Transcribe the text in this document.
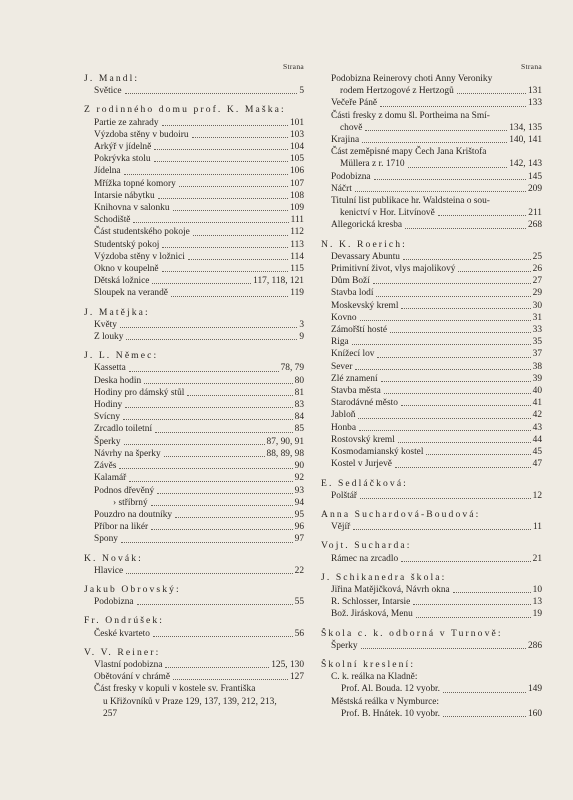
Strana
J. Mandl:
Světice	5
Z rodinného domu prof. K. Maška:
Partie ze zahrady	101
Výzdoba stěny v budoiru	103
Arkýř v jídelně	104
Pokrývka stolu	105
Jídelna	106
Mřížka topné komory	107
Intarsie nábytku	108
Knihovna v salonku	109
Schodiště	111
Část studentského pokoje	112
Studentský pokoj	113
Výzdoba stěny v ložnici	114
Okno v koupelně	115
Dětská ložnice	117, 118, 121
Sloupek na verandě	119
J. Matějka:
Květy	3
Z louky	9
J. L. Němec:
Kassetta	78, 79
Deska hodin	80
Hodiny pro dámský stůl	81
Hodiny	83
Svícny	84
Zrcadlo toiletní	85
Šperky	87, 90, 91
Návrhy na šperky	88, 89, 98
Závěs	90
Kalamář	92
Podnos dřevěný	93
› stříbrný	94
Pouzdro na doutníky	95
Příbor na likér	96
Spony	97
K. Novák:
Hlavice	22
Jakub Obrovský:
Podobizna	55
Fr. Ondrúšek:
České kvarteto	56
V. V. Reiner:
Vlastní podobizna	125, 130
Obětování v chrámě	127
Část fresky v kopuli v kostele sv. Františka
u Křižovníků v Praze 129, 137, 139, 212, 213,
257
Strana
Podobizna Reinerovy choti Anny Veroniky
rodem Hertzogové z Hertzogů	131
Večeře Páně	133
Části fresky z domu šl. Portheima na Smí-
chově	134, 135
Krajina	140, 141
Část zeměpisné mapy Čech Jana Krištofa
Müllera z r. 1710	142, 143
Podobizna	145
Náčrt	209
Titulní list publikace hr. Waldsteina o sou-
kenictví v Hor. Litvínově	211
Allegorická kresba	268
N. K. Roerich:
Devassary Abuntu	25
Primitivní život, vlys majolikový	26
Dům Boží	27
Stavba lodí	29
Moskevský kreml	30
Kovno	31
Zámořští hosté	33
Riga	35
Knížecí lov	37
Sever	38
Zlé znamení	39
Stavba města	40
Starodávné město	41
Jabloň	42
Honba	43
Rostovský kreml	44
Kosmodamianský kostel	45
Kostel v Jurjevě	47
E. Sedláčková:
Polštář	12
Anna Suchardová-Boudová:
Vějíř	11
Vojt. Sucharda:
Rámec na zrcadlo	21
J. Schikanedra škola:
Jiřina Matějičková, Návrh okna	10
R. Schlosser, Intarsie	13
Bož. Jirásková, Menu	19
Škola c. k. odborná v Turnově:
Šperky	286
Školní kreslení:
C. k. reálka na Kladně:
Prof. Al. Bouda. 12 vyobr.	149
Městská reálka v Nymburce:
Prof. B. Hnátek. 10 vyobr.	160
